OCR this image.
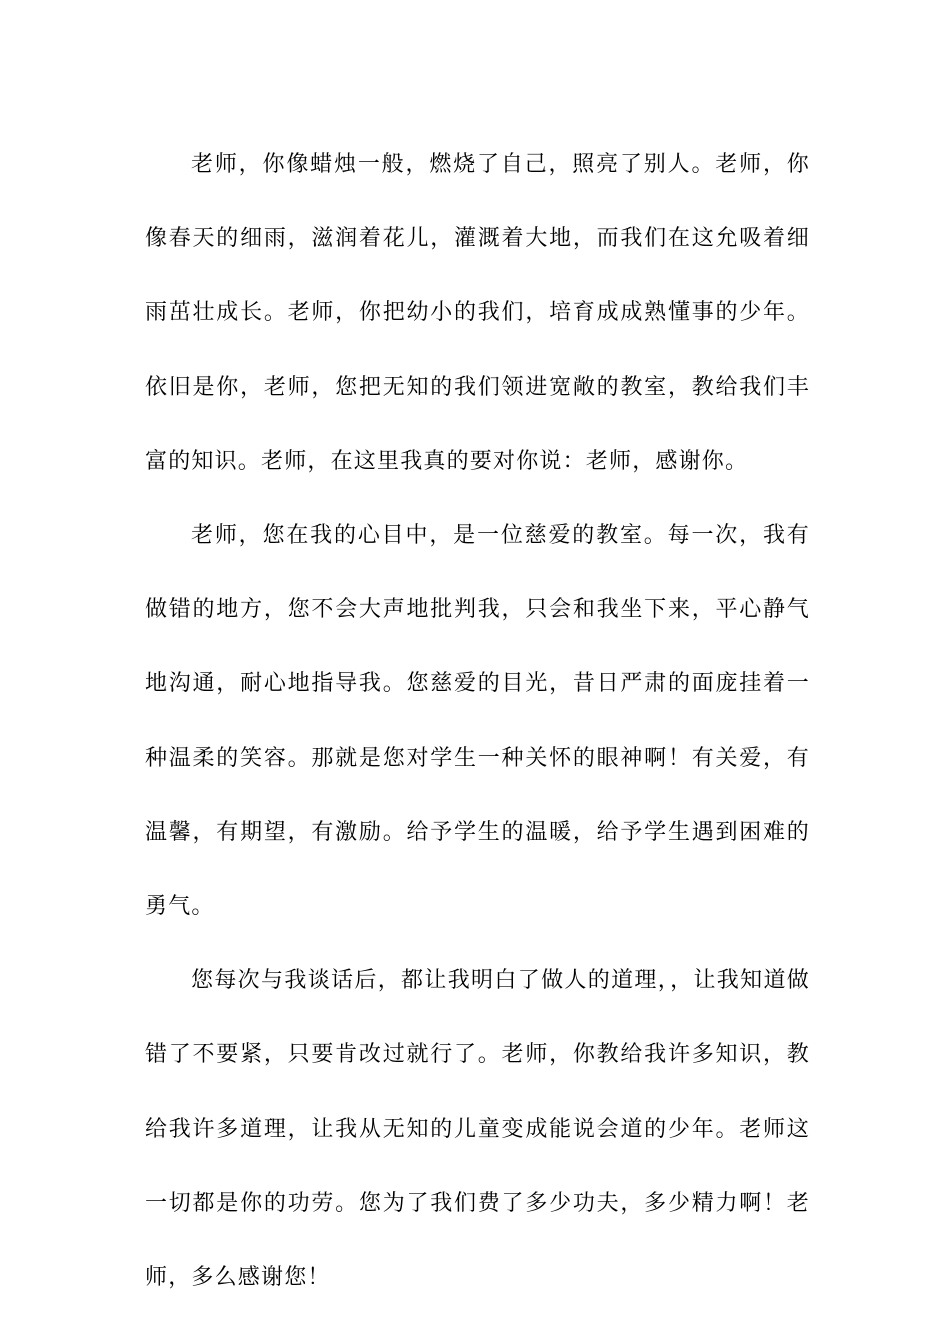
老师，你像蜡烛一般，燃烧了自己，照亮了别人。老师，你像春天的细雨，滋润着花儿，灌溉着大地，而我们在这允吸着细雨茁壮成长。老师，你把幼小的我们，培育成成熟懂事的少年。依旧是你，老师，您把无知的我们领进宽敞的教室，教给我们丰富的知识。老师，在这里我真的要对你说：老师，感谢你。

老师，您在我的心目中，是一位慈爱的教室。每一次，我有做错的地方，您不会大声地批判我，只会和我坐下来，平心静气地沟通，耐心地指导我。您慈爱的目光，昔日严肃的面庞挂着一种温柔的笑容。那就是您对学生一种关怀的眼神啊！有关爱，有温馨，有期望，有激励。给予学生的温暖，给予学生遇到困难的勇气。

您每次与我谈话后，都让我明白了做人的道理，，让我知道做错了不要紧，只要肯改过就行了。老师，你教给我许多知识，教给我许多道理，让我从无知的儿童变成能说会道的少年。老师这一切都是你的功劳。您为了我们费了多少功夫，多少精力啊！老师，多么感谢您！
